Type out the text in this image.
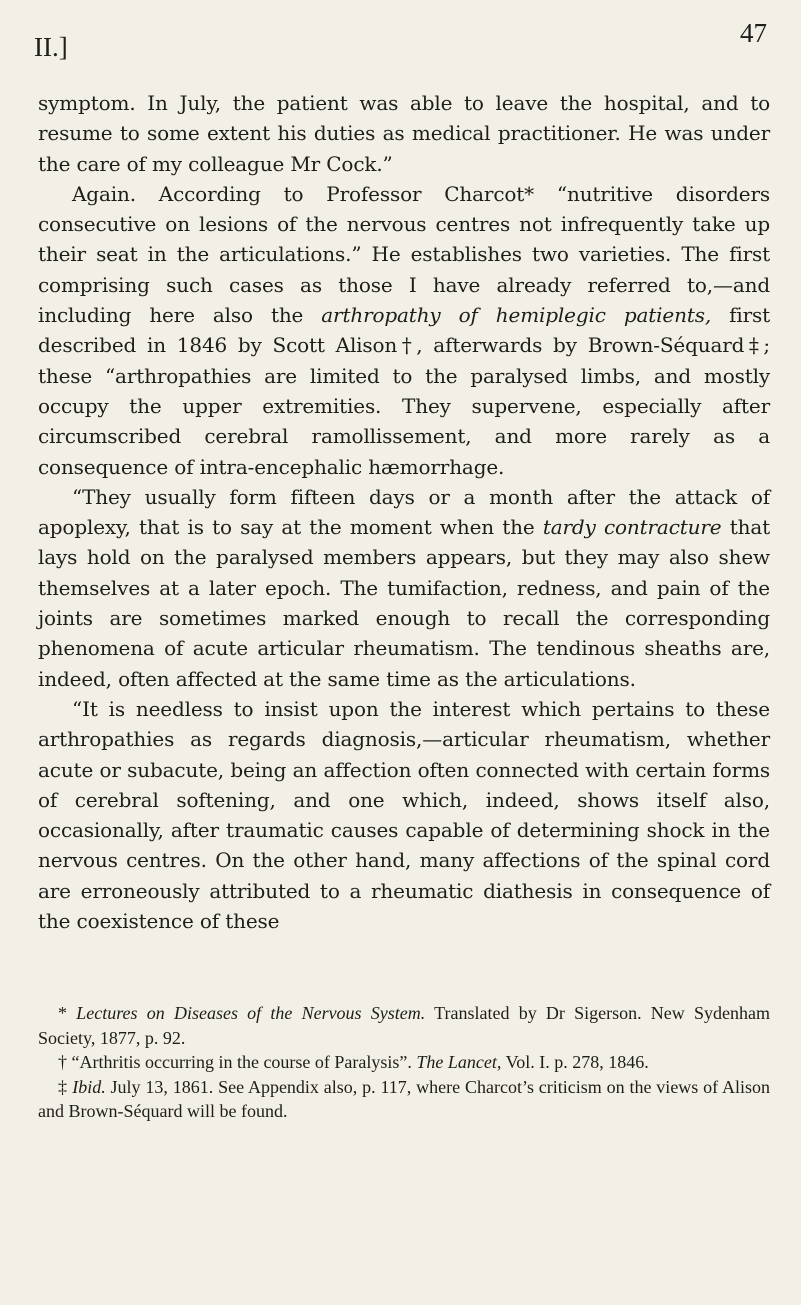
II.]	47

symptom. In July, the patient was able to leave the hospital, and to resume to some extent his duties as medical practitioner. He was under the care of my colleague Mr Cock.”

Again. According to Professor Charcot* “nutritive disorders consecutive on lesions of the nervous centres not infrequently take up their seat in the articulations.” He establishes two varieties. The first comprising such cases as those I have already referred to,—and including here also the arthropathy of hemiplegic patients, first described in 1846 by Scott Alison†, afterwards by Brown-Séquard‡; these “arthropathies are limited to the paralysed limbs, and mostly occupy the upper extremities. They supervene, especially after circumscribed cerebral ramollissement, and more rarely as a consequence of intra-encephalic hæmorrhage.

“They usually form fifteen days or a month after the attack of apoplexy, that is to say at the moment when the tardy contracture that lays hold on the paralysed members appears, but they may also shew themselves at a later epoch. The tumifaction, redness, and pain of the joints are sometimes marked enough to recall the corresponding phenomena of acute articular rheumatism. The tendinous sheaths are, indeed, often affected at the same time as the articulations.

“It is needless to insist upon the interest which pertains to these arthropathies as regards diagnosis,—articular rheumatism, whether acute or subacute, being an affection often connected with certain forms of cerebral softening, and one which, indeed, shows itself also, occasionally, after traumatic causes capable of determining shock in the nervous centres. On the other hand, many affections of the spinal cord are erroneously attributed to a rheumatic diathesis in consequence of the coexistence of these

* Lectures on Diseases of the Nervous System. Translated by Dr Sigerson. New Sydenham Society, 1877, p. 92.

† “Arthritis occurring in the course of Paralysis”. The Lancet, Vol. I. p. 278, 1846.

‡ Ibid. July 13, 1861. See Appendix also, p. 117, where Charcot’s criticism on the views of Alison and Brown-Séquard will be found.
